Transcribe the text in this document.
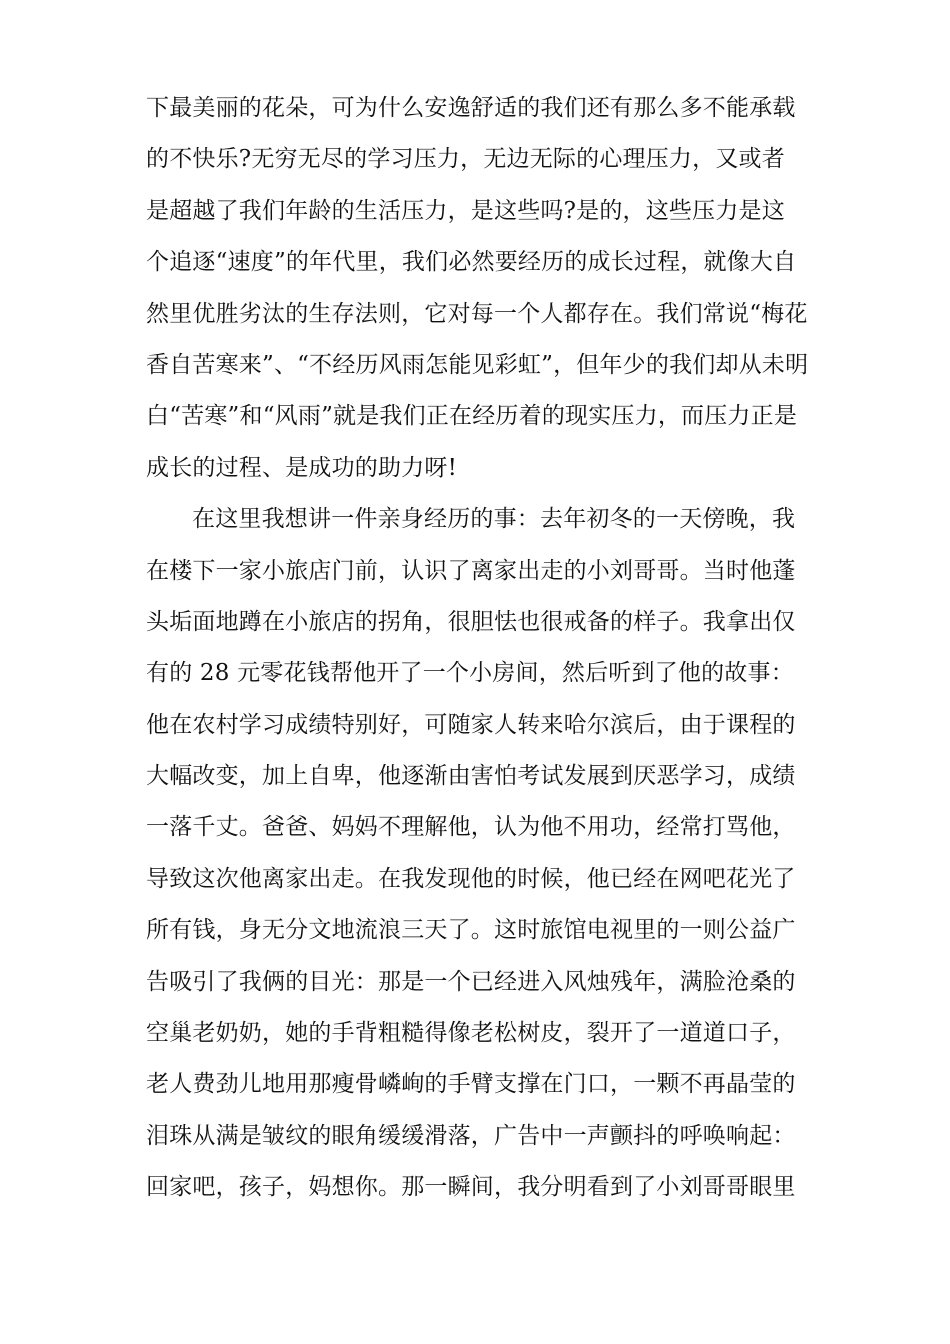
下最美丽的花朵，可为什么安逸舒适的我们还有那么多不能承载
的不快乐?无穷无尽的学习压力，无边无际的心理压力，又或者
是超越了我们年龄的生活压力，是这些吗?是的，这些压力是这
个追逐“速度”的年代里，我们必然要经历的成长过程，就像大自
然里优胜劣汰的生存法则，它对每一个人都存在。我们常说“梅花
香自苦寒来”、“不经历风雨怎能见彩虹”，但年少的我们却从未明
白“苦寒”和“风雨”就是我们正在经历着的现实压力，而压力正是
成长的过程、是成功的助力呀!
在这里我想讲一件亲身经历的事：去年初冬的一天傍晚，我
在楼下一家小旅店门前，认识了离家出走的小刘哥哥。当时他蓬
头垢面地蹲在小旅店的拐角，很胆怯也很戒备的样子。我拿出仅
有的 28 元零花钱帮他开了一个小房间，然后听到了他的故事：
他在农村学习成绩特别好，可随家人转来哈尔滨后，由于课程的
大幅改变，加上自卑，他逐渐由害怕考试发展到厌恶学习，成绩
一落千丈。爸爸、妈妈不理解他，认为他不用功，经常打骂他，
导致这次他离家出走。在我发现他的时候，他已经在网吧花光了
所有钱，身无分文地流浪三天了。这时旅馆电视里的一则公益广
告吸引了我俩的目光：那是一个已经进入风烛残年，满脸沧桑的
空巢老奶奶，她的手背粗糙得像老松树皮，裂开了一道道口子，
老人费劲儿地用那瘦骨嶙峋的手臂支撑在门口，一颗不再晶莹的
泪珠从满是皱纹的眼角缓缓滑落，广告中一声颤抖的呼唤响起：
回家吧，孩子，妈想你。那一瞬间，我分明看到了小刘哥哥眼里
